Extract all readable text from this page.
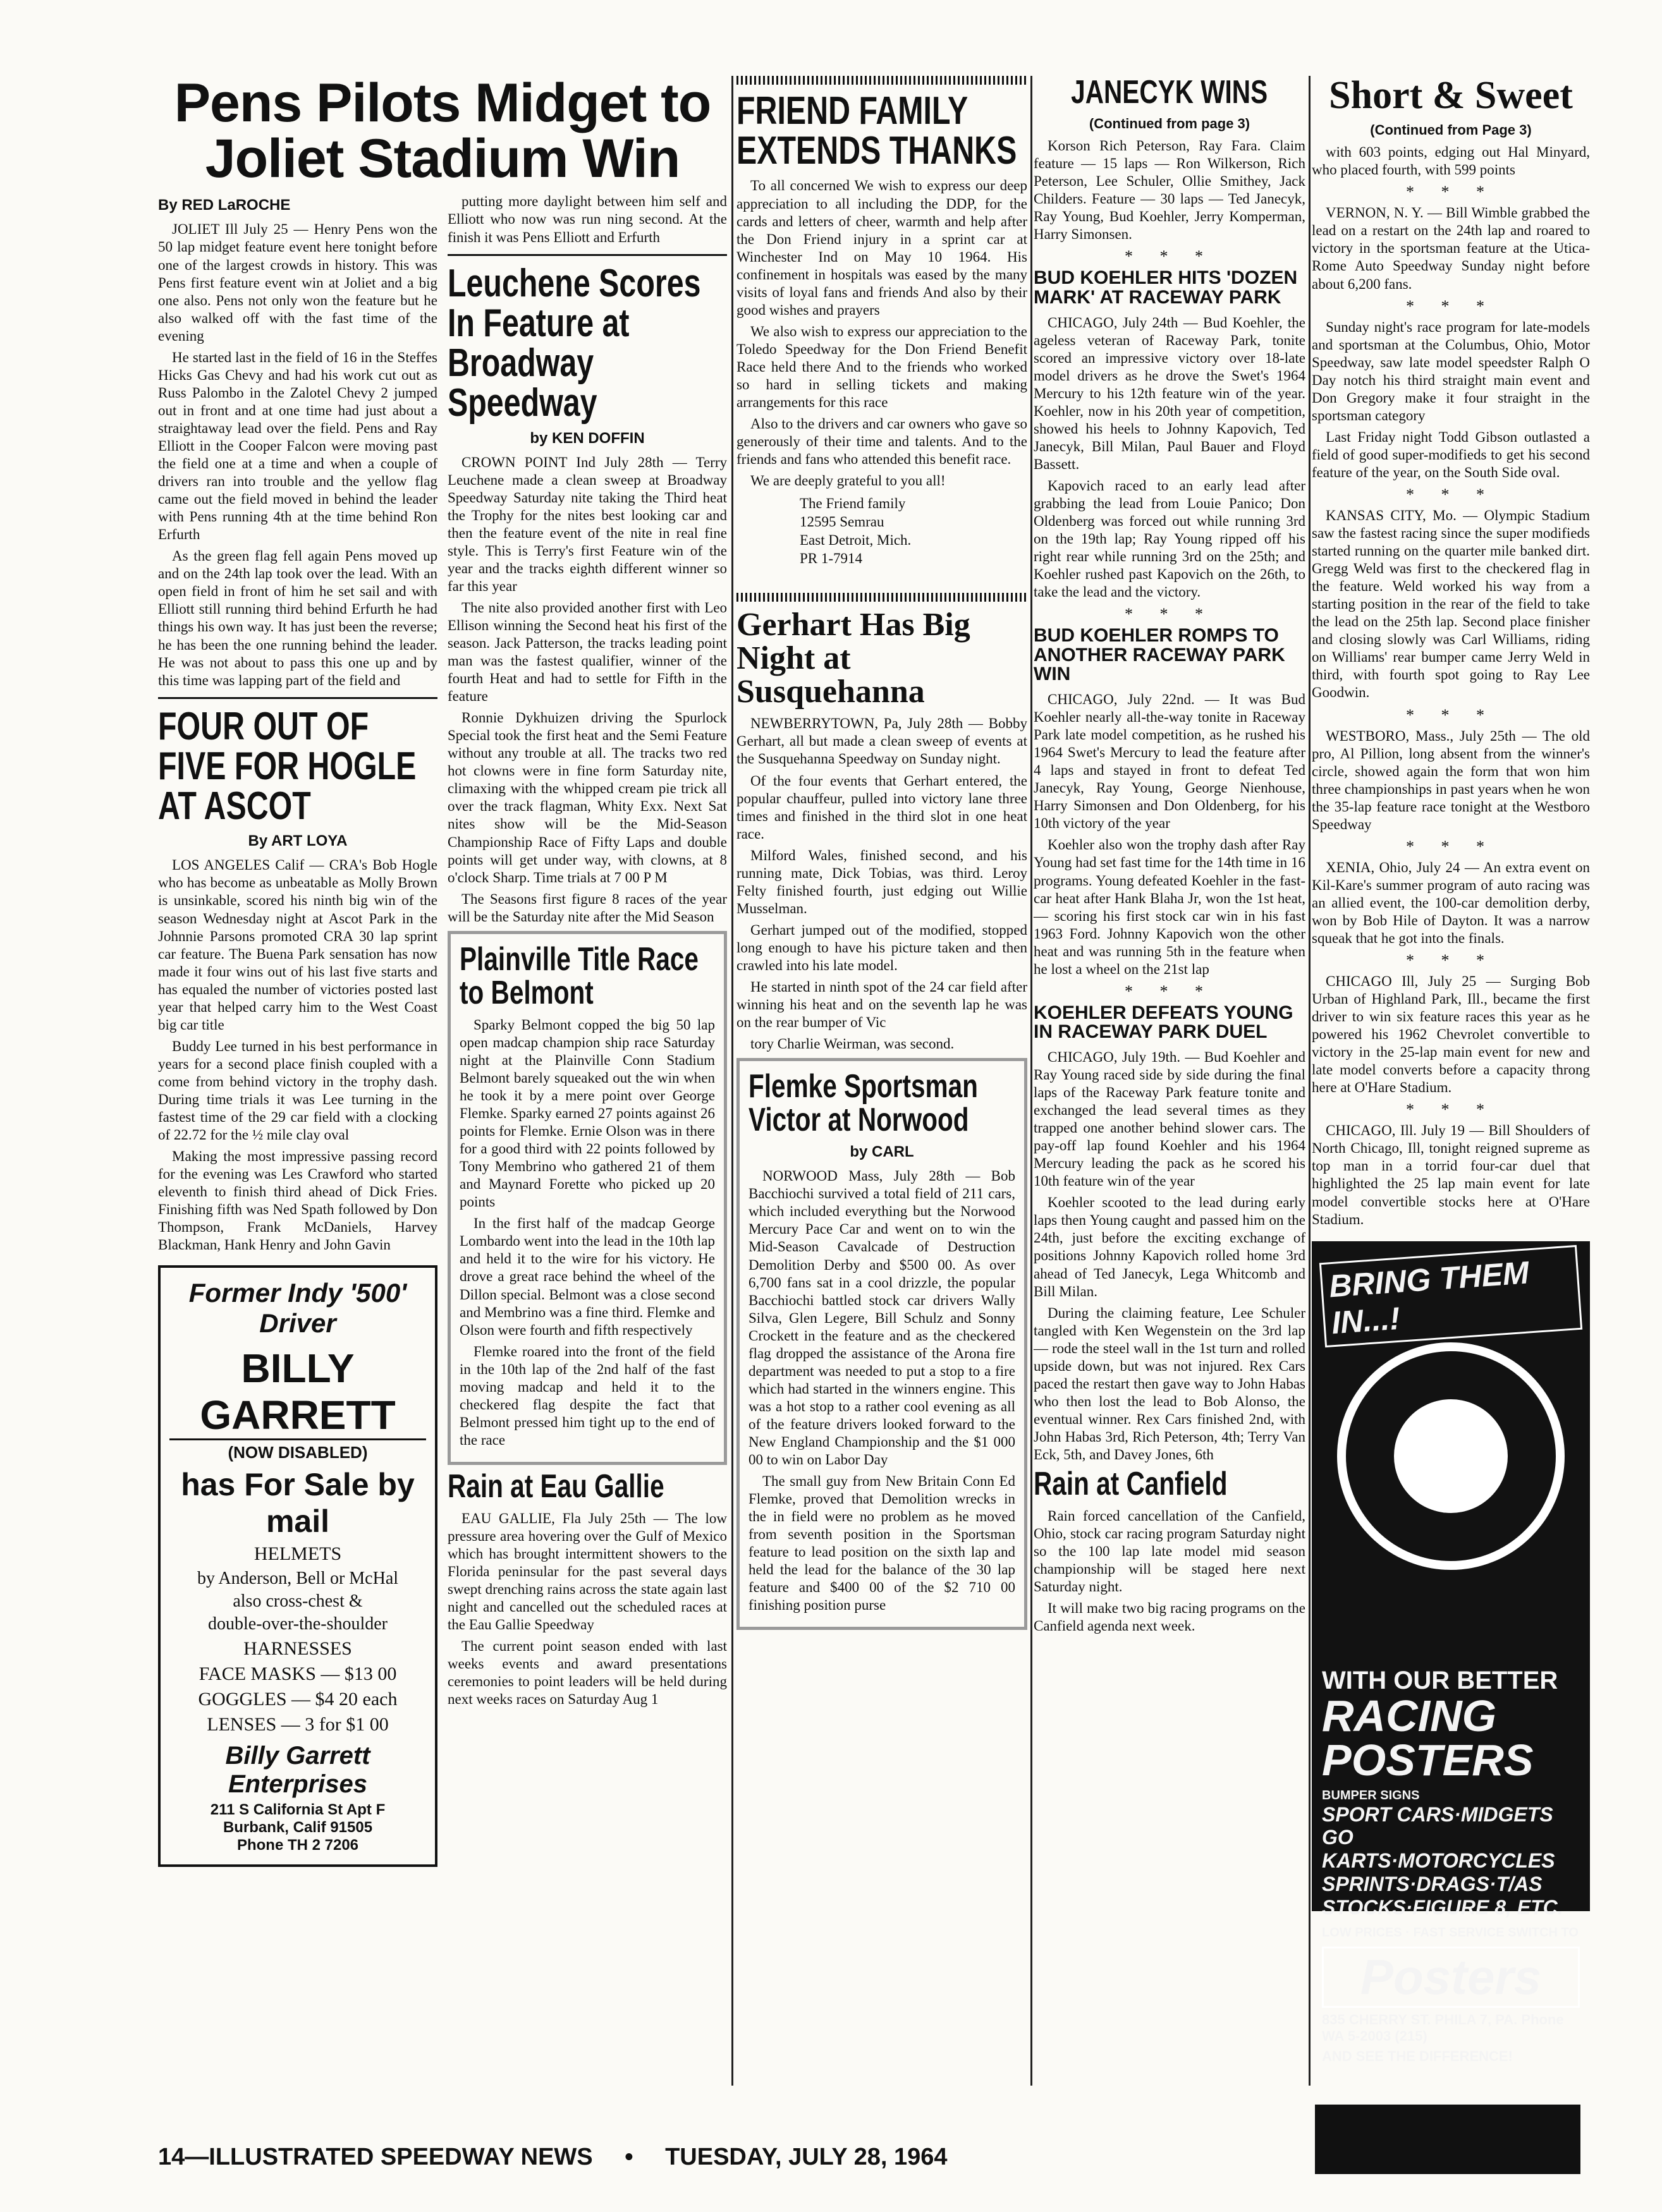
Pens Pilots Midget to Joliet Stadium Win
By RED LaROCHE

JOLIET Ill July 25 — Henry Pens won the 50 lap midget feature event here tonight before one of the largest crowds in history. This was Pens first feature event win at Joliet and a big one also. Pens not only won the feature but he also walked off with the fast time of the evening

He started last in the field of 16 in the Steffes Hicks Gas Chevy and had his work cut out as Russ Palombo in the Zalotel Chevy 2 jumped out in front and at one time had just about a straightaway lead over the field. Pens and Ray Elliott in the Cooper Falcon were moving past the field one at a time and when a couple of drivers ran into trouble and the yellow flag came out the field moved in behind the leader with Pens running 4th at the time behind Ron Erfurth

As the green flag fell again Pens moved up and on the 24th lap took over the lead. With an open field in front of him he set sail and with Elliott still running third behind Erfurth he had things his own way. It has just been the reverse; he has been the one running behind the leader. He was not about to pass this one up and by this time was lapping part of the field and

FOUR OUT OF FIVE FOR HOGLE AT ASCOT
By ART LOYA

LOS ANGELES Calif — CRA's Bob Hogle who has become as unbeatable as Molly Brown is unsinkable, scored his ninth big win of the season Wednesday night at Ascot Park in the Johnnie Parsons promoted CRA 30 lap sprint car feature. The Buena Park sensation has now made it four wins out of his last five starts and has equaled the number of victories posted last year that helped carry him to the West Coast big car title

Buddy Lee turned in his best performance in years for a second place finish coupled with a come from behind victory in the trophy dash. During time trials it was Lee turning in the fastest time of the 29 car field with a clocking of 22.72 for the ½ mile clay oval

Making the most impressive passing record for the evening was Les Crawford who started eleventh to finish third ahead of Dick Fries. Finishing fifth was Ned Spath followed by Don Thompson, Frank McDaniels, Harvey Blackman, Hank Henry and John Gavin

Former Indy '500' Driver
BILLY GARRETT
(NOW DISABLED)
has For Sale by mail
HELMETS
by Anderson, Bell or McHal
also cross-chest &
double-over-the-shoulder
HARNESSES
FACE MASKS — $13 00
GOGGLES — $4 20 each
LENSES — 3 for $1 00
Billy Garrett Enterprises
211 S California St Apt F
Burbank, Calif 91505
Phone TH 2 7206

putting more daylight between him self and Elliott who now was run ning second. At the finish it was Pens Elliott and Erfurth

Leuchene Scores In Feature at Broadway Speedway
by KEN DOFFIN

CROWN POINT Ind July 28th — Terry Leuchene made a clean sweep at Broadway Speedway Saturday nite taking the Third heat the Trophy for the nites best looking car and then the feature event of the nite in real fine style. This is Terry's first Feature win of the year and the tracks eighth different winner so far this year

The nite also provided another first with Leo Ellison winning the Second heat his first of the season. Jack Patterson, the tracks leading point man was the fastest qualifier, winner of the fourth Heat and had to settle for Fifth in the feature

Ronnie Dykhuizen driving the Spurlock Special took the first heat and the Semi Feature without any trouble at all. The tracks two red hot clowns were in fine form Saturday nite, climaxing with the whipped cream pie trick all over the track flagman, Whity Exx. Next Sat nites show will be the Mid-Season Championship Race of Fifty Laps and double points will get under way, with clowns, at 8 o'clock Sharp. Time trials at 7 00 P M

The Seasons first figure 8 races of the year will be the Saturday nite after the Mid Season

Plainville Title Race to Belmont

Sparky Belmont copped the big 50 lap open madcap champion ship race Saturday night at the Plainville Conn Stadium Belmont barely squeaked out the win when he took it by a mere point over George Flemke. Sparky earned 27 points against 26 points for Flemke. Ernie Olson was in there for a good third with 22 points followed by Tony Membrino who gathered 21 of them and Maynard Forette who picked up 20 points

In the first half of the madcap George Lombardo went into the lead in the 10th lap and held it to the wire for his victory. He drove a great race behind the wheel of the Dillon special. Belmont was a close second and Membrino was a fine third. Flemke and Olson were fourth and fifth respectively

Flemke roared into the front of the field in the 10th lap of the 2nd half of the fast moving madcap and held it to the checkered flag despite the fact that Belmont pressed him tight up to the end of the race

Rain at Eau Gallie

EAU GALLIE, Fla July 25th — The low pressure area hovering over the Gulf of Mexico which has brought intermittent showers to the Florida peninsular for the past several days swept drenching rains across the state again last night and cancelled out the scheduled races at the Eau Gallie Speedway

The current point season ended with last weeks events and award presentations ceremonies to point leaders will be held during next weeks races on Saturday Aug 1

FRIEND FAMILY EXTENDS THANKS

To all concerned We wish to express our deep appreciation to all including the DDP, for the cards and letters of cheer, warmth and help after the Don Friend injury in a sprint car at Winchester Ind on May 10 1964. His confinement in hospitals was eased by the many visits of loyal fans and friends And also by their good wishes and prayers

We also wish to express our appreciation to the Toledo Speedway for the Don Friend Benefit Race held there And to the friends who worked so hard in selling tickets and making arrangements for this race

Also to the drivers and car owners who gave so generously of their time and talents. And to the friends and fans who attended this benefit race.

We are deeply grateful to you all!

The Friend family
12595 Semrau
East Detroit, Mich.
PR 1-7914
Gerhart Has Big Night at Susquehanna

NEWBERRYTOWN, Pa, July 28th — Bobby Gerhart, all but made a clean sweep of events at the Susquehanna Speedway on Sunday night.

Of the four events that Gerhart entered, the popular chauffeur, pulled into victory lane three times and finished in the third slot in one heat race.

Milford Wales, finished second, and his running mate, Dick Tobias, was third. Leroy Felty finished fourth, just edging out Willie Musselman.

Gerhart jumped out of the modified, stopped long enough to have his picture taken and then crawled into his late model.

He started in ninth spot of the 24 car field after winning his heat and on the seventh lap he was on the rear bumper of Vic

tory Charlie Weirman, was second.

Flemke Sportsman Victor at Norwood
by CARL

NORWOOD Mass, July 28th — Bob Bacchiochi survived a total field of 211 cars, which included everything but the Norwood Mercury Pace Car and went on to win the Mid-Season Cavalcade of Destruction Demolition Derby and $500 00. As over 6,700 fans sat in a cool drizzle, the popular Bacchiochi battled stock car drivers Wally Silva, Glen Legere, Bill Schulz and Sonny Crockett in the feature and as the checkered flag dropped the assistance of the Arona fire department was needed to put a stop to a fire which had started in the winners engine. This was a hot stop to a rather cool evening as all of the feature drivers looked forward to the New England Championship and the $1 000 00 to win on Labor Day

The small guy from New Britain Conn Ed Flemke, proved that Demolition wrecks in the in field were no problem as he moved from seventh position in the Sportsman feature to lead position on the sixth lap and held the lead for the balance of the 30 lap feature and $400 00 of the $2 710 00 finishing position purse

JANECYK WINS
(Continued from page 3)

Korson Rich Peterson, Ray Fara. Claim feature — 15 laps — Ron Wilkerson, Rich Peterson, Lee Schuler, Ollie Smithey, Jack Childers. Feature — 30 laps — Ted Janecyk, Ray Young, Bud Koehler, Jerry Komperman, Harry Simonsen.

* * *
BUD KOEHLER HITS 'DOZEN MARK' AT RACEWAY PARK

CHICAGO, July 24th — Bud Koehler, the ageless veteran of Raceway Park, tonite scored an impressive victory over 18-late model drivers as he drove the Swet's 1964 Mercury to his 12th feature win of the year. Koehler, now in his 20th year of competition, showed his heels to Johnny Kapovich, Ted Janecyk, Bill Milan, Paul Bauer and Floyd Bassett.

Kapovich raced to an early lead after grabbing the lead from Louie Panico; Don Oldenberg was forced out while running 3rd on the 19th lap; Ray Young ripped off his right rear while running 3rd on the 25th; and Koehler rushed past Kapovich on the 26th, to take the lead and the victory.

* * *
BUD KOEHLER ROMPS TO ANOTHER RACEWAY PARK WIN

CHICAGO, July 22nd. — It was Bud Koehler nearly all-the-way tonite in Raceway Park late model competition, as he rushed his 1964 Swet's Mercury to lead the feature after 4 laps and stayed in front to defeat Ted Janecyk, Ray Young, George Nienhouse, Harry Simonsen and Don Oldenberg, for his 10th victory of the year

Koehler also won the trophy dash after Ray Young had set fast time for the 14th time in 16 programs. Young defeated Koehler in the fast-car heat after Hank Blaha Jr, won the 1st heat, — scoring his first stock car win in his fast 1963 Ford. Johnny Kapovich won the other heat and was running 5th in the feature when he lost a wheel on the 21st lap

* * *
KOEHLER DEFEATS YOUNG IN RACEWAY PARK DUEL

CHICAGO, July 19th. — Bud Koehler and Ray Young raced side by side during the final laps of the Raceway Park feature tonite and exchanged the lead several times as they trapped one another behind slower cars. The pay-off lap found Koehler and his 1964 Mercury leading the pack as he scored his 10th feature win of the year

Koehler scooted to the lead during early laps then Young caught and passed him on the 24th, just before the exciting exchange of positions Johnny Kapovich rolled home 3rd ahead of Ted Janecyk, Lega Whitcomb and Bill Milan.

During the claiming feature, Lee Schuler tangled with Ken Wegenstein on the 3rd lap — rode the steel wall in the 1st turn and rolled upside down, but was not injured. Rex Cars paced the restart then gave way to John Habas who then lost the lead to Bob Alonso, the eventual winner. Rex Cars finished 2nd, with John Habas 3rd, Rich Peterson, 4th; Terry Van Eck, 5th, and Davey Jones, 6th

Rain at Canfield

Rain forced cancellation of the Canfield, Ohio, stock car racing program Saturday night so the 100 lap late model mid season championship will be staged here next Saturday night.

It will make two big racing programs on the Canfield agenda next week.

Short & Sweet
(Continued from Page 3)

with 603 points, edging out Hal Minyard, who placed fourth, with 599 points

* * *

VERNON, N. Y. — Bill Wimble grabbed the lead on a restart on the 24th lap and roared to victory in the sportsman feature at the Utica-Rome Auto Speedway Sunday night before about 6,200 fans.

* * *

Sunday night's race program for late-models and sportsman at the Columbus, Ohio, Motor Speedway, saw late model speedster Ralph O Day notch his third straight main event and Don Gregory make it four straight in the sportsman category

Last Friday night Todd Gibson outlasted a field of good super-modifieds to get his second feature of the year, on the South Side oval.

* * *

KANSAS CITY, Mo. — Olympic Stadium saw the fastest racing since the super modifieds started running on the quarter mile banked dirt. Gregg Weld was first to the checkered flag in the feature. Weld worked his way from a starting position in the rear of the field to take the lead on the 25th lap. Second place finisher and closing slowly was Carl Williams, riding on Williams' rear bumper came Jerry Weld in third, with fourth spot going to Ray Lee Goodwin.

* * *

WESTBORO, Mass., July 25th — The old pro, Al Pillion, long absent from the winner's circle, showed again the form that won him three championships in past years when he won the 35-lap feature race tonight at the Westboro Speedway

* * *

XENIA, Ohio, July 24 — An extra event on Kil-Kare's summer program of auto racing was an allied event, the 100-car demolition derby, won by Bob Hile of Dayton. It was a narrow squeak that he got into the finals.

* * *

CHICAGO Ill, July 25 — Surging Bob Urban of Highland Park, Ill., became the first driver to win six feature races this year as he powered his 1962 Chevrolet convertible to victory in the 25-lap main event for new and late model converts before a capacity throng here at O'Hare Stadium.

* * *

CHICAGO, Ill. July 19 — Bill Shoulders of North Chicago, Ill, tonight reigned supreme as top man in a torrid four-car duel that highlighted the 25 lap main event for late model convertible stocks here at O'Hare Stadium.

BRING THEM IN...!
WITH OUR BETTER
RACING POSTERS
BUMPER SIGNS
SPORT CARS·MIDGETS GO KARTS·MOTORCYCLES SPRINTS·DRAGS·T/AS STOCKS·FIGURE 8, ETC.
LOW PRICES · FAST SERVICE SWITCH TO
Posters
835 CHERRY ST. PHILA 7, PA. Phone WA 5-2003 (215)
AND SEE THE DIFFERENCE!
14—ILLUSTRATED SPEEDWAY NEWS • TUESDAY, JULY 28, 1964
